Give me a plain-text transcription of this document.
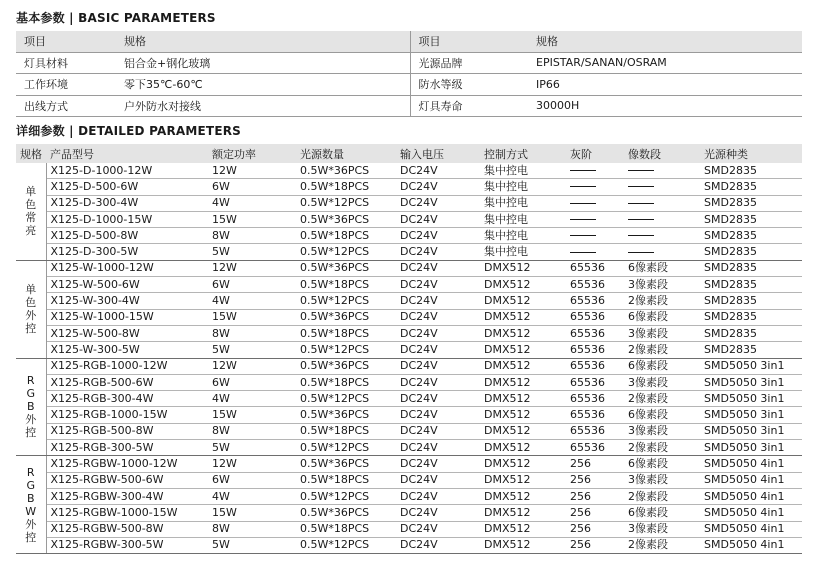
基本参数 | BASIC PARAMETERS
项目	规格	项目	规格
灯具材料	铝合金+钢化玻璃	光源品牌	EPISTAR/SANAN/OSRAM
工作环境	零下35℃-60℃	防水等级	IP66
出线方式	户外防水对接线	灯具寿命	30000H
详细参数 | DETAILED PARAMETERS
规格	产品型号	额定功率	光源数量	输入电压	控制方式	灰阶	像数段	光源种类
单色常亮	X125-D-1000-12W	12W	0.5W*36PCS	DC24V	集中控电			SMD2835
	X125-D-500-6W	6W	0.5W*18PCS	DC24V	集中控电			SMD2835
	X125-D-300-4W	4W	0.5W*12PCS	DC24V	集中控电			SMD2835
	X125-D-1000-15W	15W	0.5W*36PCS	DC24V	集中控电			SMD2835
	X125-D-500-8W	8W	0.5W*18PCS	DC24V	集中控电			SMD2835
	X125-D-300-5W	5W	0.5W*12PCS	DC24V	集中控电			SMD2835
单色外控	X125-W-1000-12W	12W	0.5W*36PCS	DC24V	DMX512	65536	6像素段	SMD2835
	X125-W-500-6W	6W	0.5W*18PCS	DC24V	DMX512	65536	3像素段	SMD2835
	X125-W-300-4W	4W	0.5W*12PCS	DC24V	DMX512	65536	2像素段	SMD2835
	X125-W-1000-15W	15W	0.5W*36PCS	DC24V	DMX512	65536	6像素段	SMD2835
	X125-W-500-8W	8W	0.5W*18PCS	DC24V	DMX512	65536	3像素段	SMD2835
	X125-W-300-5W	5W	0.5W*12PCS	DC24V	DMX512	65536	2像素段	SMD2835
RGB外控	X125-RGB-1000-12W	12W	0.5W*36PCS	DC24V	DMX512	65536	6像素段	SMD5050 3in1
	X125-RGB-500-6W	6W	0.5W*18PCS	DC24V	DMX512	65536	3像素段	SMD5050 3in1
	X125-RGB-300-4W	4W	0.5W*12PCS	DC24V	DMX512	65536	2像素段	SMD5050 3in1
	X125-RGB-1000-15W	15W	0.5W*36PCS	DC24V	DMX512	65536	6像素段	SMD5050 3in1
	X125-RGB-500-8W	8W	0.5W*18PCS	DC24V	DMX512	65536	3像素段	SMD5050 3in1
	X125-RGB-300-5W	5W	0.5W*12PCS	DC24V	DMX512	65536	2像素段	SMD5050 3in1
RGBW外控	X125-RGBW-1000-12W	12W	0.5W*36PCS	DC24V	DMX512	256	6像素段	SMD5050 4in1
	X125-RGBW-500-6W	6W	0.5W*18PCS	DC24V	DMX512	256	3像素段	SMD5050 4in1
	X125-RGBW-300-4W	4W	0.5W*12PCS	DC24V	DMX512	256	2像素段	SMD5050 4in1
	X125-RGBW-1000-15W	15W	0.5W*36PCS	DC24V	DMX512	256	6像素段	SMD5050 4in1
	X125-RGBW-500-8W	8W	0.5W*18PCS	DC24V	DMX512	256	3像素段	SMD5050 4in1
	X125-RGBW-300-5W	5W	0.5W*12PCS	DC24V	DMX512	256	2像素段	SMD5050 4in1
